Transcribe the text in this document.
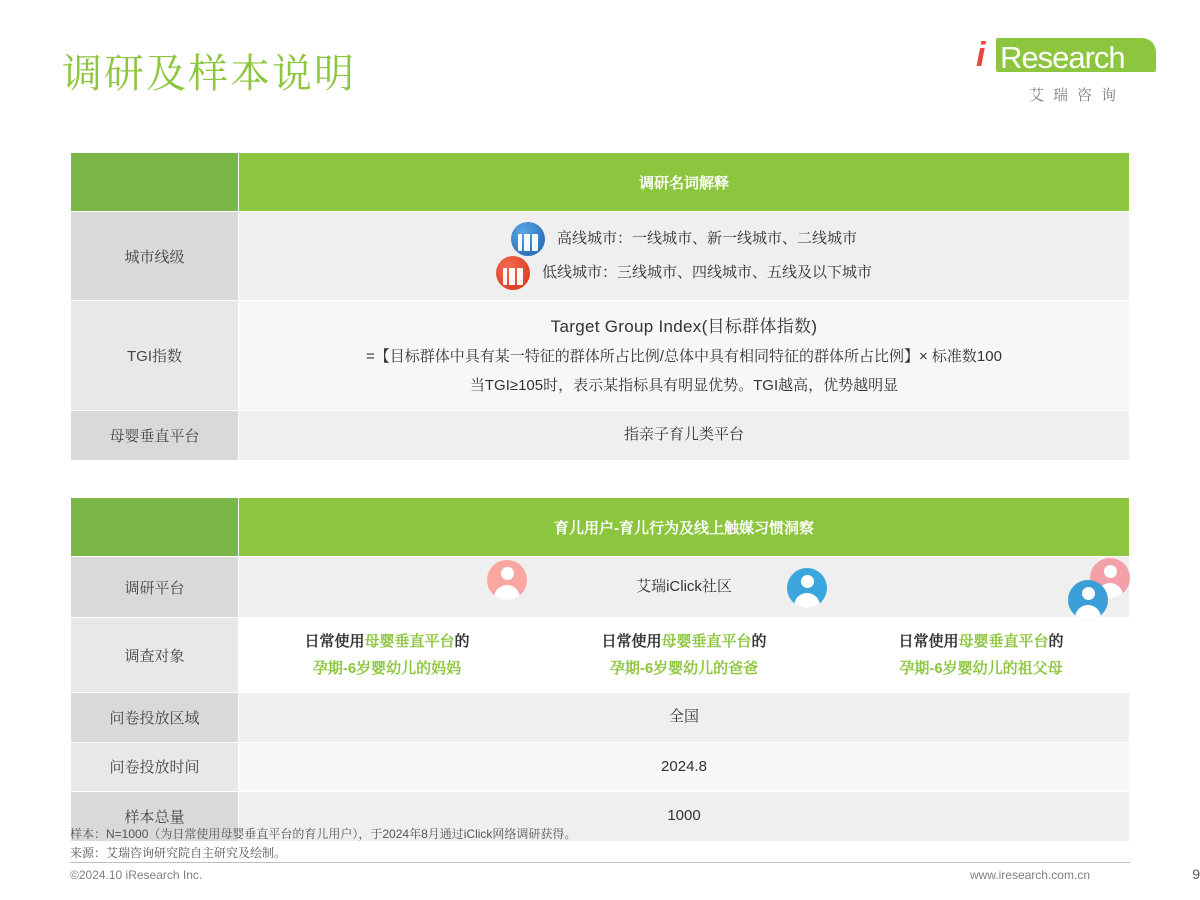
调研及样本说明	i Research
艾瑞咨询
	调研名词解释
城市线级	高线城市：一线城市、新一线城市、二线城市
低线城市：三线城市、四线城市、五线及以下城市

TGI指数	Target Group Index(目标群体指数)
=【目标群体中具有某一特征的群体所占比例/总体中具有相同特征的群体所占比例】× 标准数100
当TGI≥105时，表示某指标具有明显优势。TGI越高，优势越明显

母婴垂直平台	指亲子育儿类平台
	育儿用户-育儿行为及线上触媒习惯洞察		
调研平台	艾瑞iClick社区		
调查对象	
日常使用母婴垂直平台的
孕期-6岁婴幼儿的妈妈

日常使用母婴垂直平台的
孕期-6岁婴幼儿的爸爸

日常使用母婴垂直平台的
孕期-6岁婴幼儿的祖父母

问卷投放区域	全国		
问卷投放时间	2024.8		
样本总量	1000		
样本：N=1000（为日常使用母婴垂直平台的育儿用户），于2024年8月通过iClick网络调研获得。
来源：艾瑞咨询研究院自主研究及绘制。
©2024.10 iResearch Inc.	www.iresearch.com.cn	9
